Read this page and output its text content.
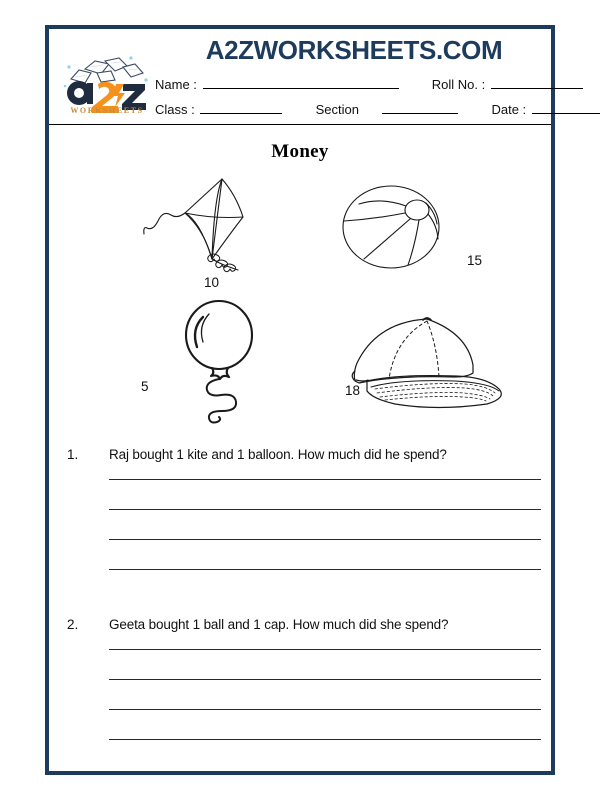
A2ZWORKSHEETS.COM
WORKSHEETS
Name :	Roll No. :
Class :	Section	Date :
Money
10
15
5	18
1. Raj bought 1 kite and 1 balloon. How much did he spend?
2. Geeta bought 1 ball and 1 cap. How much did she spend?
